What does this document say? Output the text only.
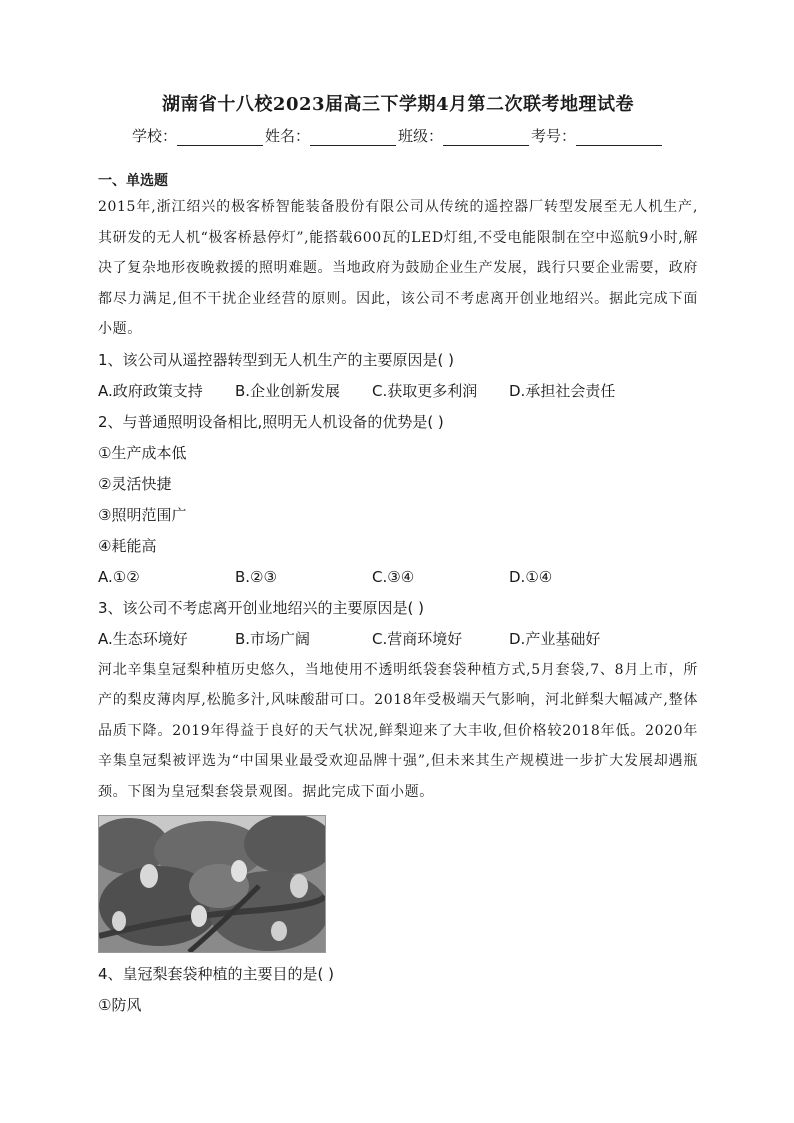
湖南省十八校2023届高三下学期4月第二次联考地理试卷
学校：	姓名：	班级：	考号：
一、单选题

2015年,浙江绍兴的极客桥智能装备股份有限公司从传统的遥控器厂转型发展至无人机生产,其研发的无人机“极客桥悬停灯”,能搭载600瓦的LED灯组,不受电能限制在空中巡航9小时,解决了复杂地形夜晚救援的照明难题。当地政府为鼓励企业生产发展，践行只要企业需要，政府都尽力满足,但不干扰企业经营的原则。因此，该公司不考虑离开创业地绍兴。据此完成下面小题。

1、该公司从遥控器转型到无人机生产的主要原因是( )
A.政府政策支持	B.企业创新发展	C.获取更多利润	D.承担社会责任
2、与普通照明设备相比,照明无人机设备的优势是( )
①生产成本低
②灵活快捷
③照明范围广
④耗能高
A.①②	B.②③	C.③④	D.①④
3、该公司不考虑离开创业地绍兴的主要原因是( )
A.生态环境好	B.市场广阔	C.营商环境好	D.产业基础好

河北辛集皇冠梨种植历史悠久，当地使用不透明纸袋套袋种植方式,5月套袋,7、8月上市，所产的梨皮薄肉厚,松脆多汁,风味酸甜可口。2018年受极端天气影响，河北鲜梨大幅减产,整体品质下降。2019年得益于良好的天气状况,鲜梨迎来了大丰收,但价格较2018年低。2020年辛集皇冠梨被评选为“中国果业最受欢迎品牌十强”,但未来其生产规模进一步扩大发展却遇瓶颈。下图为皇冠梨套袋景观图。据此完成下面小题。

4、皇冠梨套袋种植的主要目的是( )
①防风
